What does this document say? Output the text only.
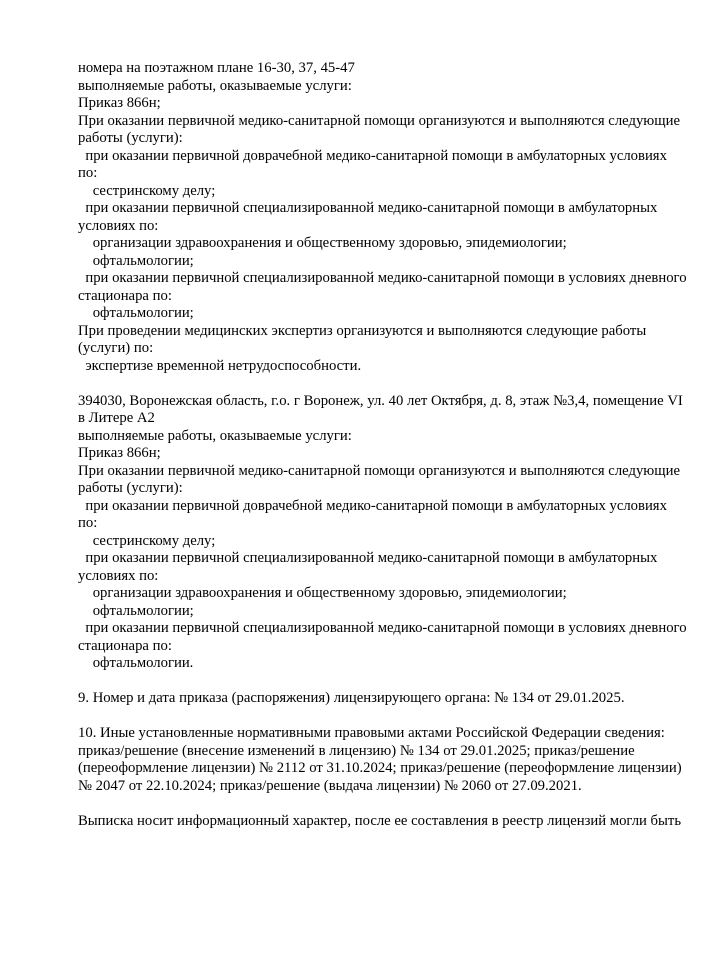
номера на поэтажном плане 16-30, 37, 45-47
выполняемые работы, оказываемые услуги:
Приказ 866н;
При оказании первичной медико-санитарной помощи организуются и выполняются следующие
работы (услуги):
при оказании первичной доврачебной медико-санитарной помощи в амбулаторных условиях
по:
сестринскому делу;
при оказании первичной специализированной медико-санитарной помощи в амбулаторных
условиях по:
организации здравоохранения и общественному здоровью, эпидемиологии;
офтальмологии;
при оказании первичной специализированной медико-санитарной помощи в условиях дневного
стационара по:
офтальмологии;
При проведении медицинских экспертиз организуются и выполняются следующие работы
(услуги) по:
экспертизе временной нетрудоспособности.
394030, Воронежская область, г.о. г Воронеж, ул. 40 лет Октября, д. 8, этаж №3,4, помещение VI
в Литере А2
выполняемые работы, оказываемые услуги:
Приказ 866н;
При оказании первичной медико-санитарной помощи организуются и выполняются следующие
работы (услуги):
при оказании первичной доврачебной медико-санитарной помощи в амбулаторных условиях
по:
сестринскому делу;
при оказании первичной специализированной медико-санитарной помощи в амбулаторных
условиях по:
организации здравоохранения и общественному здоровью, эпидемиологии;
офтальмологии;
при оказании первичной специализированной медико-санитарной помощи в условиях дневного
стационара по:
офтальмологии.
9. Номер и дата приказа (распоряжения) лицензирующего органа: № 134 от 29.01.2025.
10. Иные установленные нормативными правовыми актами Российской Федерации сведения:
приказ/решение (внесение изменений в лицензию) № 134 от 29.01.2025; приказ/решение
(переоформление лицензии) № 2112 от 31.10.2024; приказ/решение (переоформление лицензии)
№ 2047 от 22.10.2024; приказ/решение (выдача лицензии) № 2060 от 27.09.2021.
Выписка носит информационный характер, после ее составления в реестр лицензий могли быть
